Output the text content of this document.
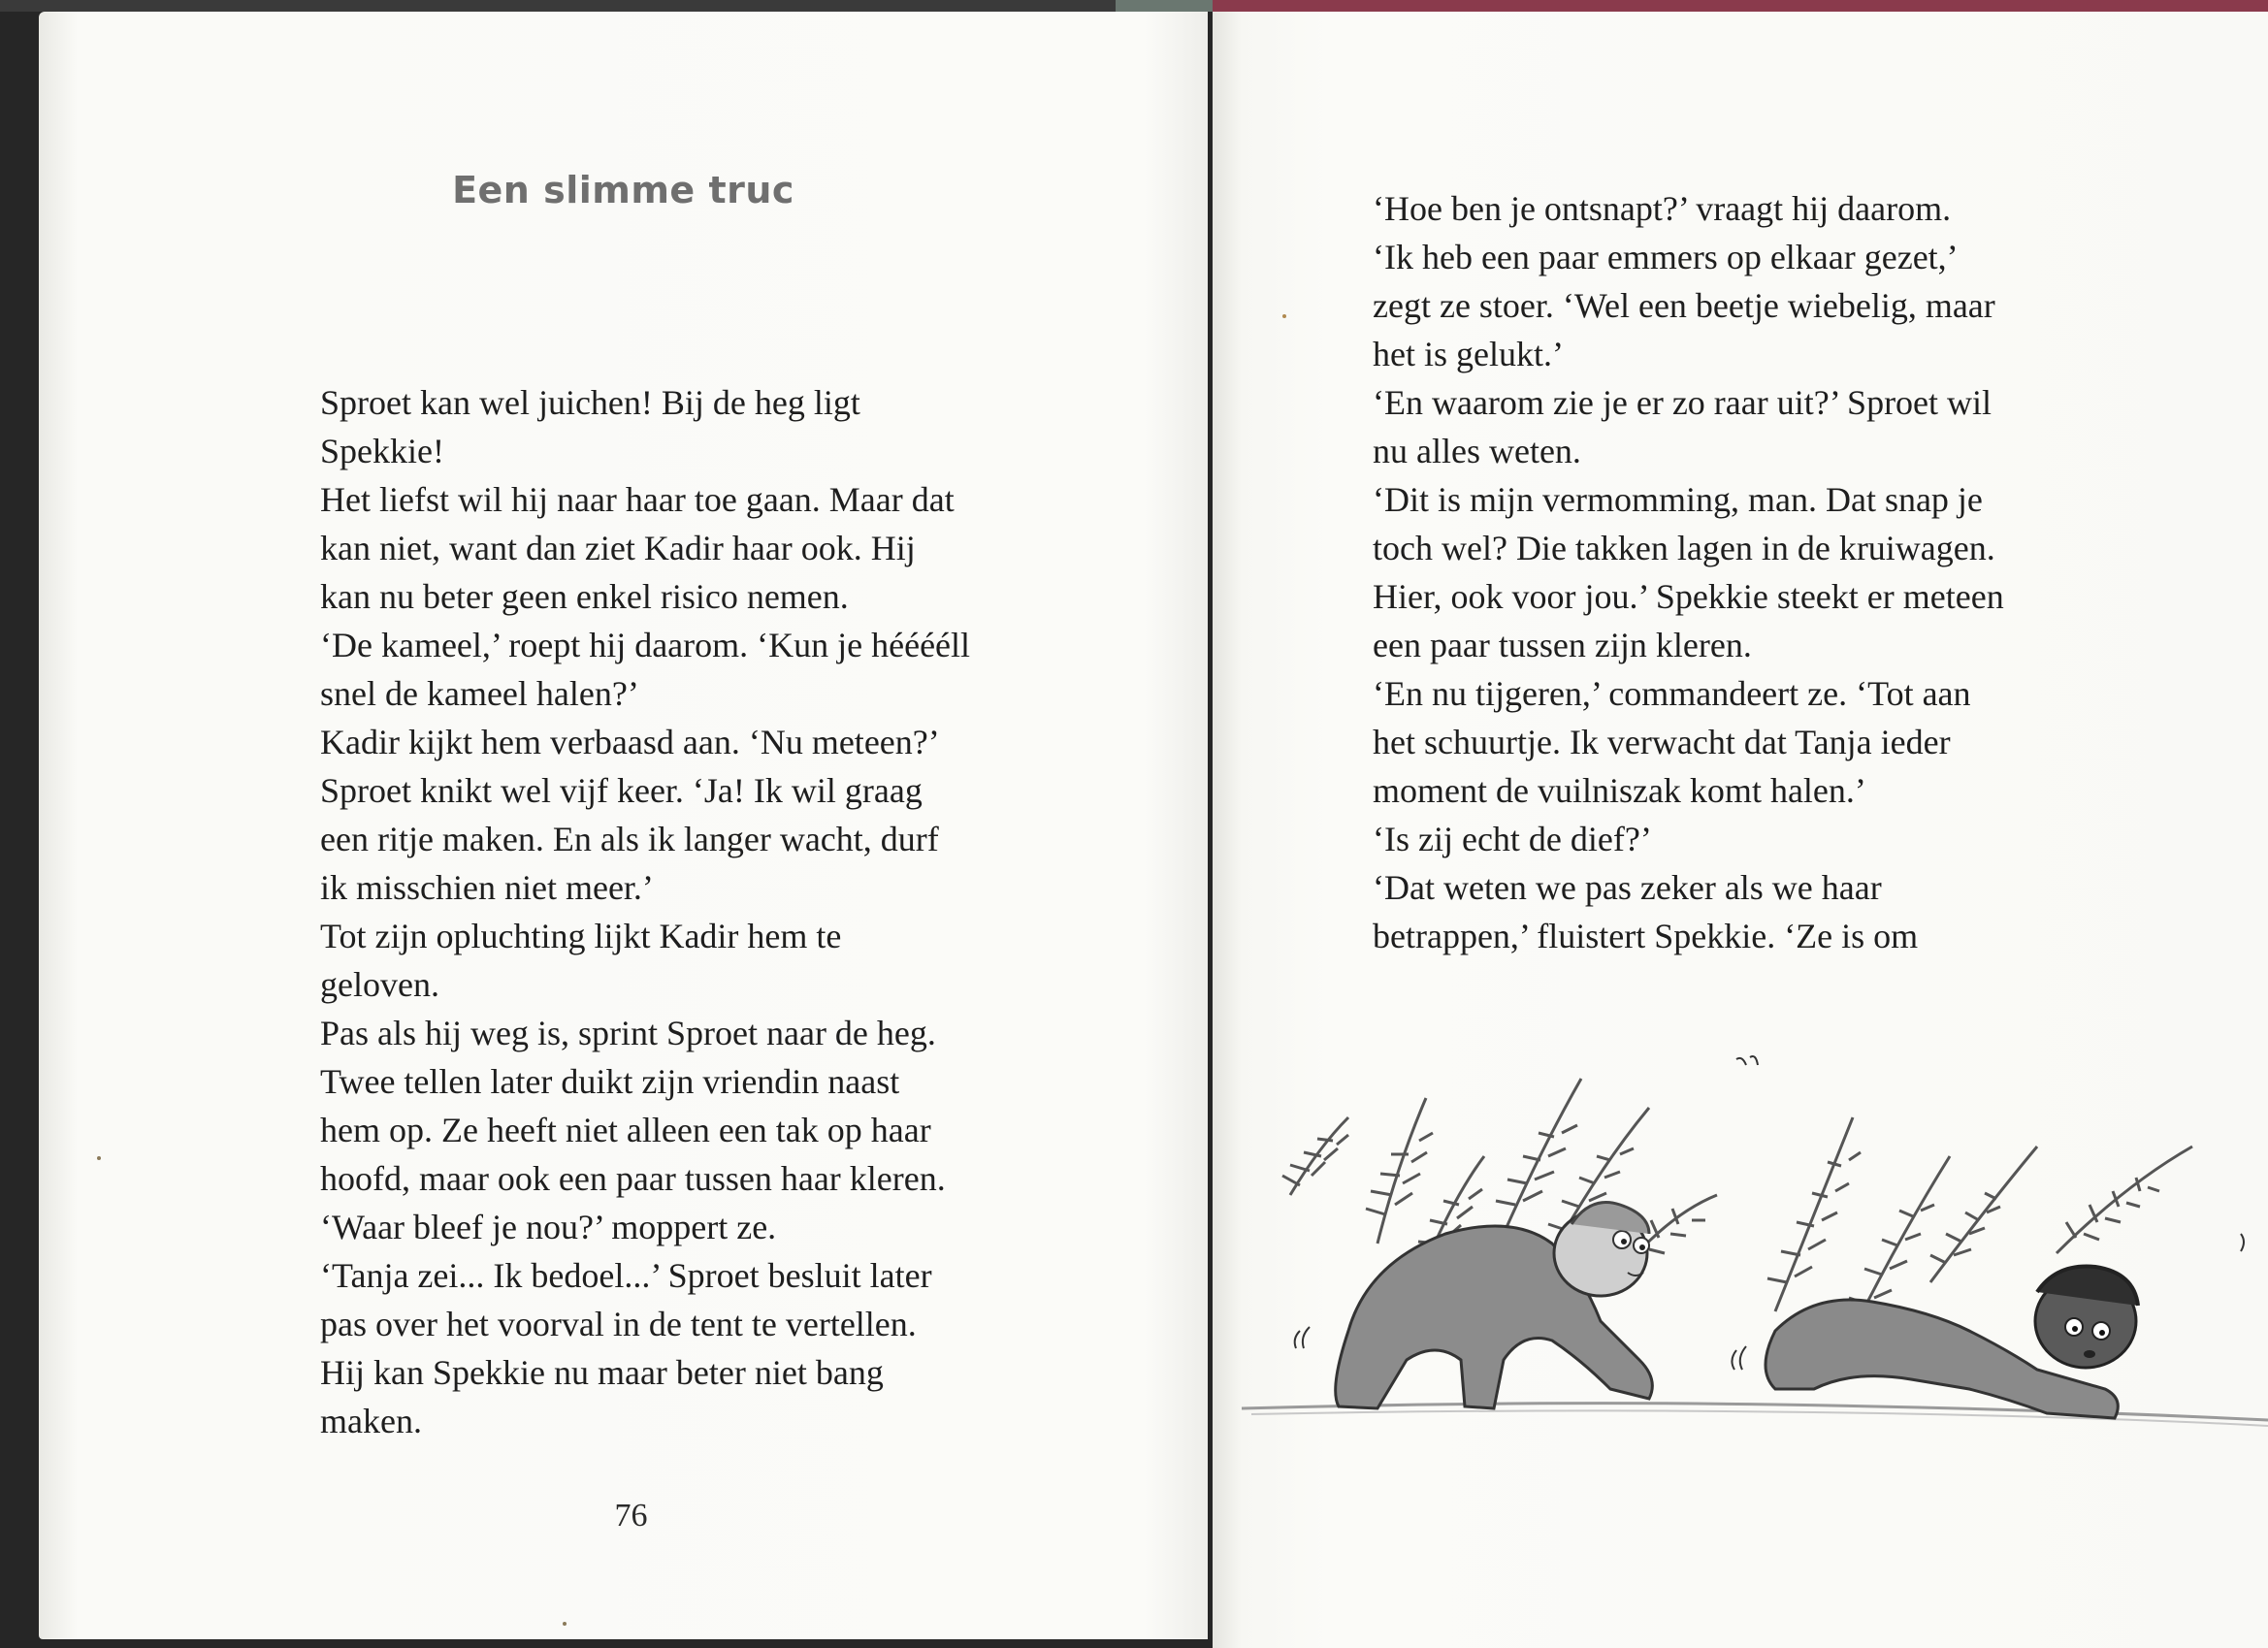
Een slimme truc
Sproet kan wel juichen! Bij de heg ligt
Spekkie!
Het liefst wil hij naar haar toe gaan. Maar dat
kan niet, want dan ziet Kadir haar ook. Hij
kan nu beter geen enkel risico nemen.
‘De kameel,’ roept hij daarom. ‘Kun je hééééll
snel de kameel halen?’
Kadir kijkt hem verbaasd aan. ‘Nu meteen?’
Sproet knikt wel vijf keer. ‘Ja! Ik wil graag
een ritje maken. En als ik langer wacht, durf
ik misschien niet meer.’
Tot zijn opluchting lijkt Kadir hem te
geloven.
Pas als hij weg is, sprint Sproet naar de heg.
Twee tellen later duikt zijn vriendin naast
hem op. Ze heeft niet alleen een tak op haar
hoofd, maar ook een paar tussen haar kleren.
‘Waar bleef je nou?’ moppert ze.
‘Tanja zei... Ik bedoel...’ Sproet besluit later
pas over het voorval in de tent te vertellen.
Hij kan Spekkie nu maar beter niet bang
maken.
76
‘Hoe ben je ontsnapt?’ vraagt hij daarom.
‘Ik heb een paar emmers op elkaar gezet,’
zegt ze stoer. ‘Wel een beetje wiebelig, maar
het is gelukt.’
‘En waarom zie je er zo raar uit?’ Sproet wil
nu alles weten.
‘Dit is mijn vermomming, man. Dat snap je
toch wel? Die takken lagen in de kruiwagen.
Hier, ook voor jou.’ Spekkie steekt er meteen
een paar tussen zijn kleren.
‘En nu tijgeren,’ commandeert ze. ‘Tot aan
het schuurtje. Ik verwacht dat Tanja ieder
moment de vuilniszak komt halen.’
‘Is zij echt de dief?’
‘Dat weten we pas zeker als we haar
betrappen,’ fluistert Spekkie. ‘Ze is om
